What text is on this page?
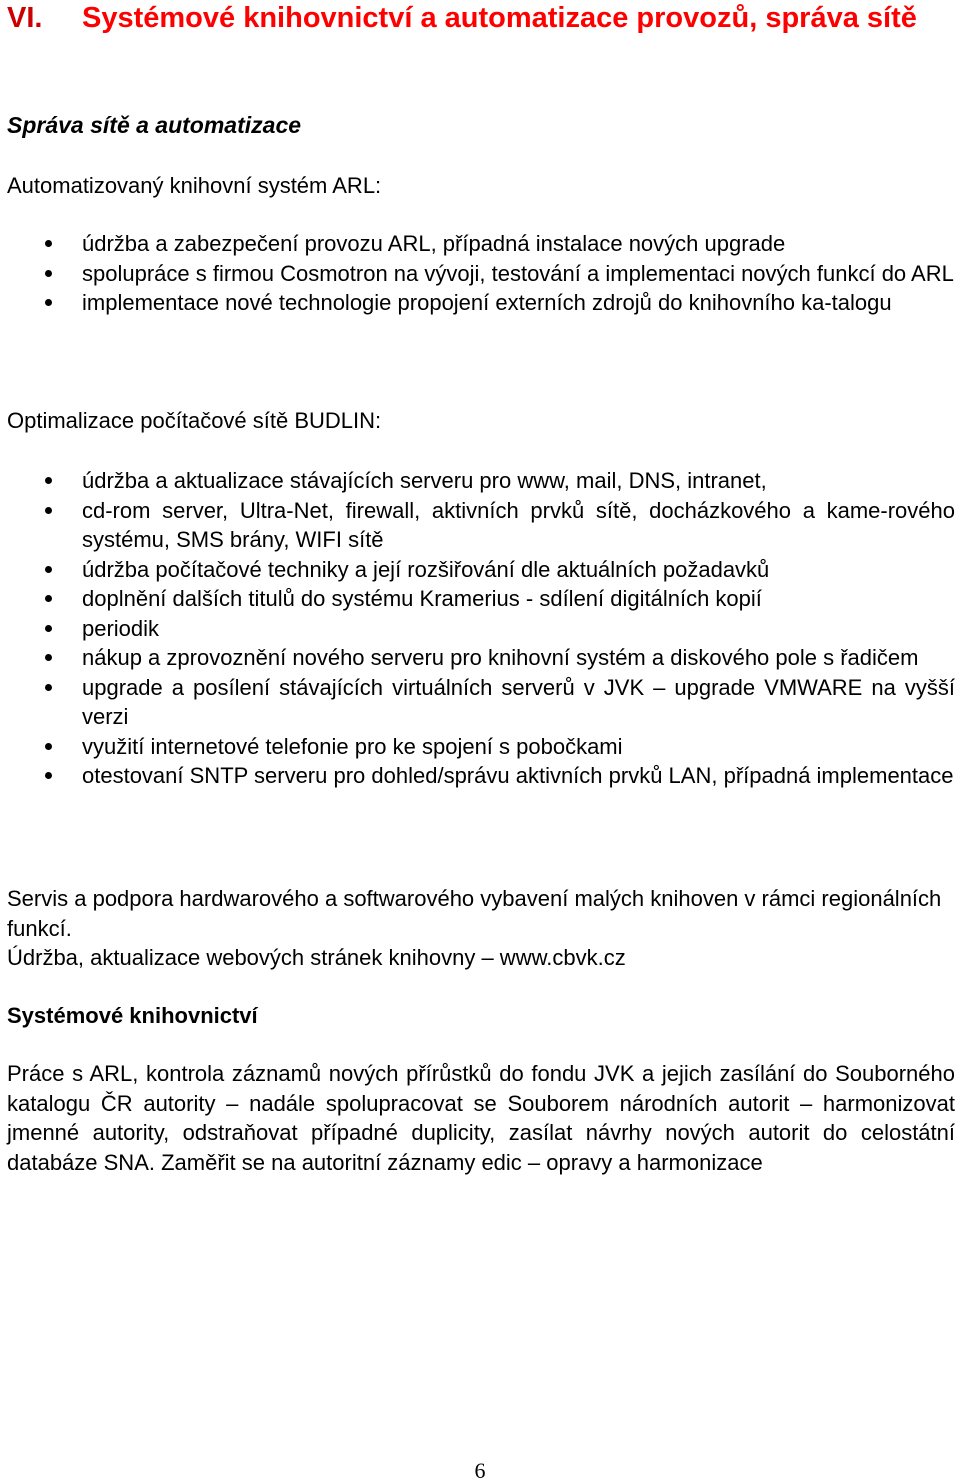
VI. Systémové knihovnictví a automatizace provozů, správa sítě
Správa sítě a automatizace

Automatizovaný knihovní systém ARL:

údržba a zabezpečení provozu ARL, případná instalace nových upgrade
spolupráce s firmou Cosmotron na vývoji, testování a implementaci nových funkcí do ARL
implementace nové technologie propojení externích zdrojů do knihovního ka-talogu

Optimalizace počítačové sítě BUDLIN:

údržba a aktualizace stávajících serveru pro www, mail, DNS, intranet,
cd-rom server, Ultra-Net, firewall, aktivních prvků sítě, docházkového a kame-rového systému, SMS brány, WIFI sítě
údržba počítačové techniky a její rozšiřování dle aktuálních požadavků
doplnění dalších titulů do systému Kramerius - sdílení digitálních kopií
periodik
nákup a zprovoznění nového serveru pro knihovní systém a diskového pole s řadičem
upgrade a posílení stávajících virtuálních serverů v JVK – upgrade VMWARE na vyšší verzi
využití internetové telefonie pro ke spojení s pobočkami
otestovaní SNTP serveru pro dohled/správu aktivních prvků LAN, případná implementace

Servis a podpora hardwarového a softwarového vybavení malých knihoven v rámci regionálních funkcí.

Údržba, aktualizace webových stránek knihovny – www.cbvk.cz

Systémové knihovnictví

Práce s ARL, kontrola záznamů nových přírůstků do fondu JVK a jejich zasílání do Souborného katalogu ČR autority – nadále spolupracovat se Souborem národních autorit – harmonizovat jmenné autority, odstraňovat případné duplicity, zasílat návrhy nových autorit do celostátní databáze SNA. Zaměřit se na autoritní záznamy edic – opravy a harmonizace

6
